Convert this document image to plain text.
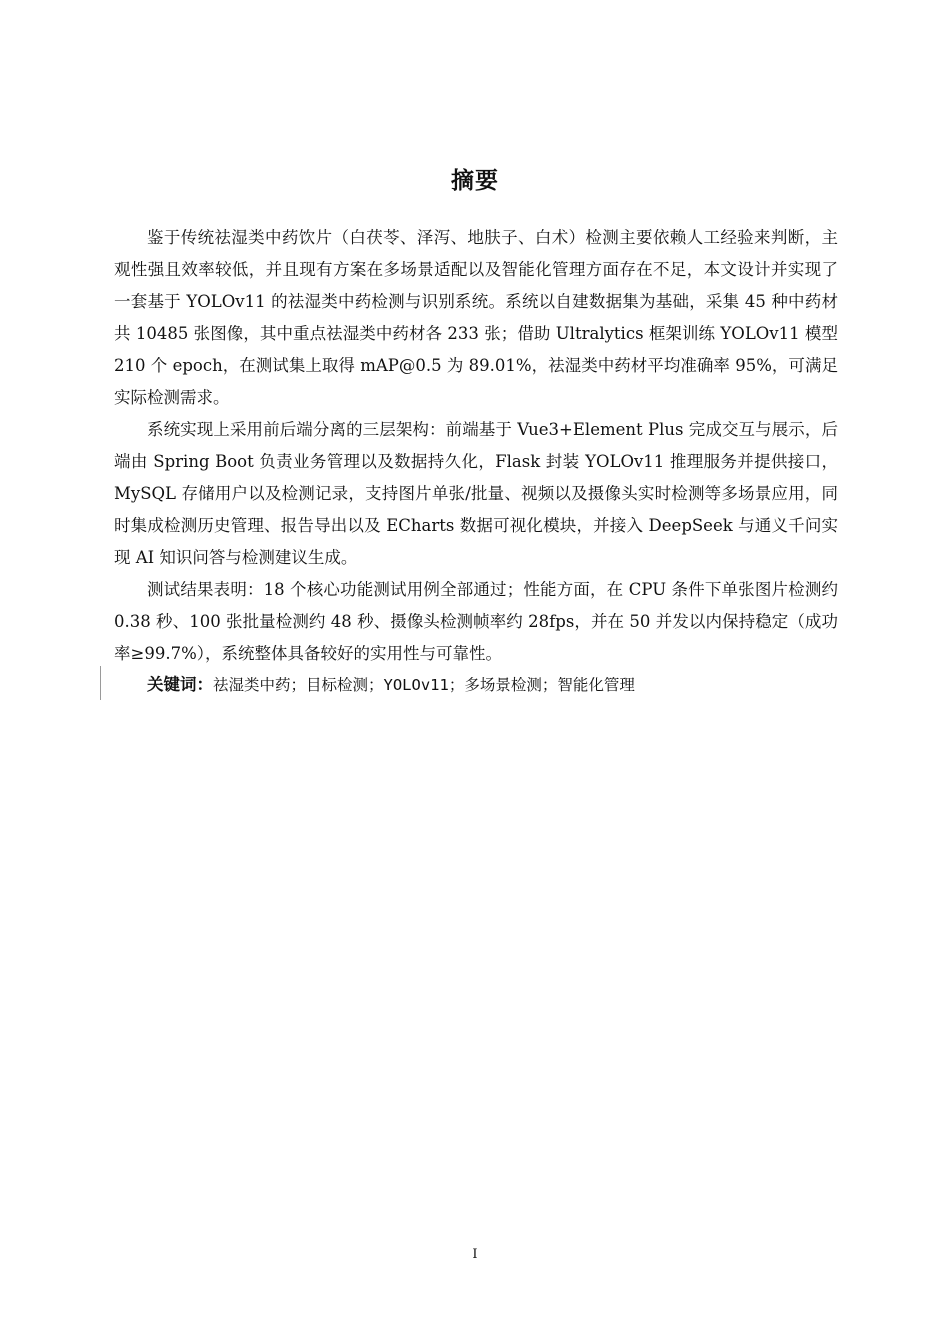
摘要

鉴于传统祛湿类中药饮片（白茯苓、泽泻、地肤子、白术）检测主要依赖人工经验来判断，主观性强且效率较低，并且现有方案在多场景适配以及智能化管理方面存在不足，本文设计并实现了一套基于 YOLOv11 的祛湿类中药检测与识别系统。系统以自建数据集为基础，采集 45 种中药材共 10485 张图像，其中重点祛湿类中药材各 233 张；借助 Ultralytics 框架训练 YOLOv11 模型 210 个 epoch，在测试集上取得 mAP@0.5 为 89.01%，祛湿类中药材平均准确率 95%，可满足实际检测需求。

系统实现上采用前后端分离的三层架构：前端基于 Vue3+Element Plus 完成交互与展示，后端由 Spring Boot 负责业务管理以及数据持久化，Flask 封装 YOLOv11 推理服务并提供接口，MySQL 存储用户以及检测记录，支持图片单张/批量、视频以及摄像头实时检测等多场景应用，同时集成检测历史管理、报告导出以及 ECharts 数据可视化模块，并接入 DeepSeek 与通义千问实现 AI 知识问答与检测建议生成。

测试结果表明：18 个核心功能测试用例全部通过；性能方面，在 CPU 条件下单张图片检测约 0.38 秒、100 张批量检测约 48 秒、摄像头检测帧率约 28fps，并在 50 并发以内保持稳定（成功率≥99.7%），系统整体具备较好的实用性与可靠性。

关键词：祛湿类中药；目标检测；YOLOv11；多场景检测；智能化管理
I
